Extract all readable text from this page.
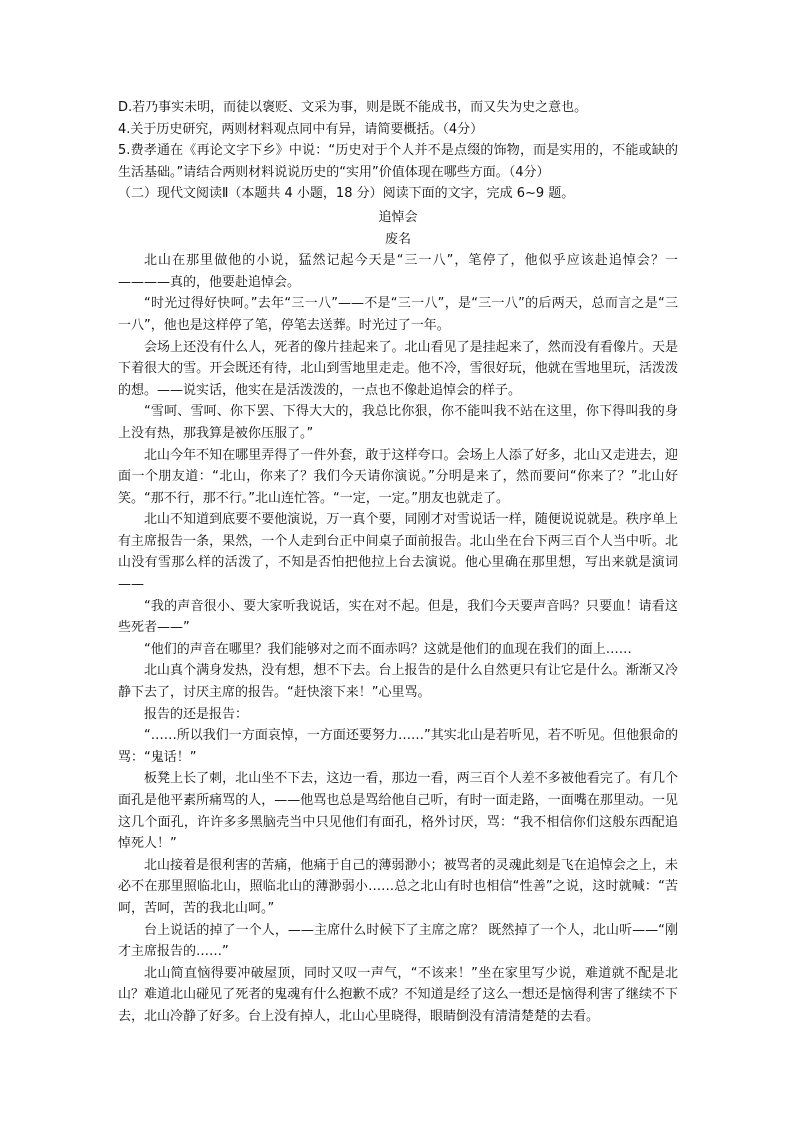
D.若乃事实未明，而徒以褒贬、文采为事，则是既不能成书，而又失为史之意也。

4.关于历史研究，两则材料观点同中有异，请简要概括。（4分）

5.费孝通在《再论文字下乡》中说：“历史对于个人并不是点缀的饰物，而是实用的，不能或缺的生活基础。”请结合两则材料说说历史的“实用”价值体现在哪些方面。（4分）

（二）现代文阅读Ⅱ（本题共 4 小题，18 分）阅读下面的文字，完成 6~9 题。

追悼会

废名

北山在那里做他的小说，猛然记起今天是“三一八”，笔停了，他似乎应该赴追悼会？一————真的，他要赴追悼会。

“时光过得好快呵。”去年“三一八”——不是“三一八”，是“三一八”的后两天，总而言之是“三一八”，他也是这样停了笔，停笔去送葬。时光过了一年。

会场上还没有什么人，死者的像片挂起来了。北山看见了是挂起来了，然而没有看像片。天是下着很大的雪。开会既还有待，北山到雪地里走走。他不冷，雪很好玩，他就在雪地里玩，活泼泼的想。——说实话，他实在是活泼泼的，一点也不像赴追悼会的样子。

“雪呵、雪呵、你下罢、下得大大的，我总比你狠，你不能叫我不站在这里，你下得叫我的身上没有热，那我算是被你压服了。”

北山今年不知在哪里弄得了一件外套，敢于这样夸口。会场上人添了好多，北山又走进去，迎面一个朋友道：“北山，你来了？我们今天请你演说。”分明是来了，然而要问“你来了？”北山好笑。“那不行，那不行。”北山连忙答。“一定，一定。”朋友也就走了。

北山不知道到底要不要他演说，万一真个要，同刚才对雪说话一样，随便说说就是。秩序单上有主席报告一条，果然，一个人走到台正中间桌子面前报告。北山坐在台下两三百个人当中听。北山没有雪那么样的活泼了，不知是否怕把他拉上台去演说。他心里确在那里想，写出来就是演词——

“我的声音很小、要大家听我说话，实在对不起。但是，我们今天要声音吗？只要血！请看这些死者——”

“他们的声音在哪里？我们能够对之而不面赤吗？这就是他们的血现在我们的面上……

北山真个满身发热，没有想，想不下去。台上报告的是什么自然更只有让它是什么。渐渐又冷静下去了，讨厌主席的报告。“赶快滚下来！”心里骂。

报告的还是报告：

“……所以我们一方面哀悼，一方面还要努力……”其实北山是若听见，若不听见。但他狠命的骂：“鬼话！”

板凳上长了刺，北山坐不下去，这边一看，那边一看，两三百个人差不多被他看完了。有几个面孔是他平素所痛骂的人，——他骂也总是骂给他自己听，有时一面走路，一面嘴在那里动。一见这几个面孔，许许多多黑脑壳当中只见他们有面孔，格外讨厌，骂：“我不相信你们这般东西配追悼死人！”

北山接着是很利害的苦痛，他痛于自己的薄弱渺小；被骂者的灵魂此刻是飞在追悼会之上，未必不在那里照临北山，照临北山的薄渺弱小……总之北山有时也相信“性善”之说，这时就喊：“苦呵，苦呵，苦的我北山呵。”

台上说话的掉了一个人，——主席什么时候下了主席之席？ 既然掉了一个人，北山听——“刚才主席报告的……”

北山简直恼得要冲破屋顶，同时又叹一声气，“不该来！”坐在家里写少说，难道就不配是北山？难道北山碰见了死者的鬼魂有什么抱歉不成？不知道是经了这么一想还是恼得利害了继续不下去，北山冷静了好多。台上没有掉人，北山心里晓得，眼睛倒没有清清楚楚的去看。
